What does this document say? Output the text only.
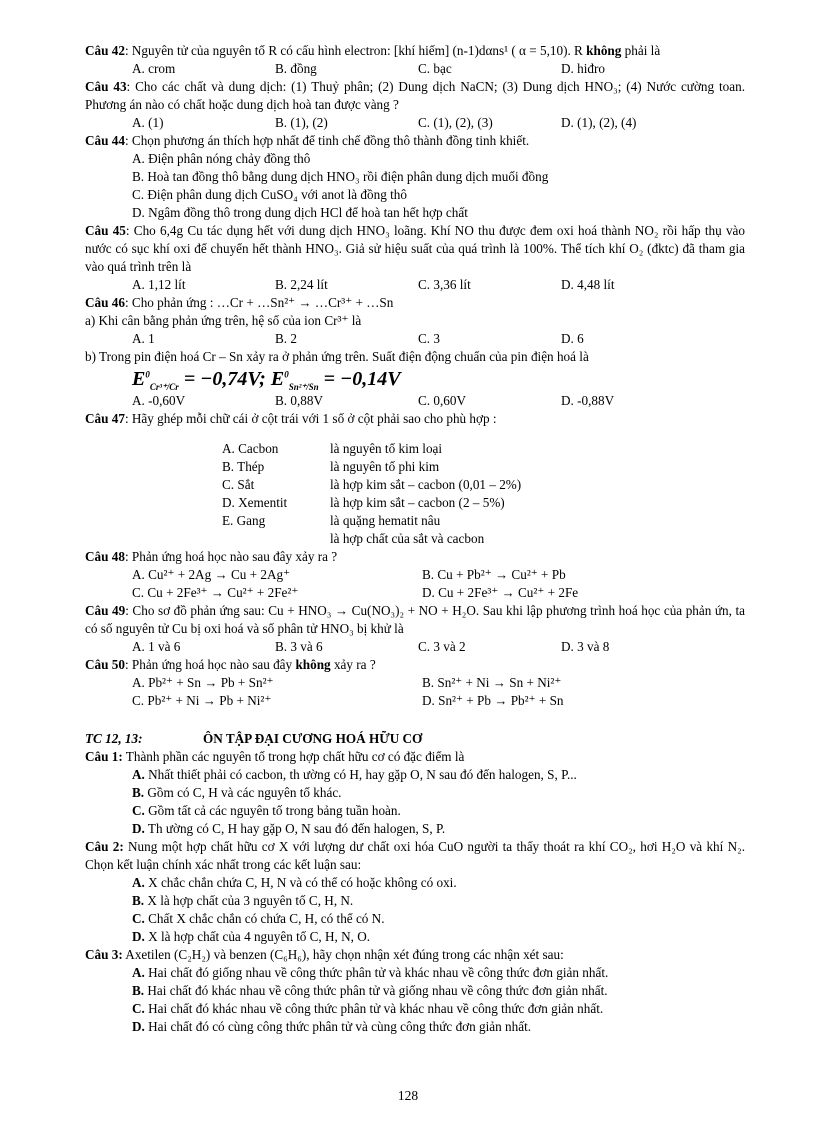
Câu 42: Nguyên tử của nguyên tố R có cấu hình electron: [khí hiếm] (n-1)dαns¹ ( α = 5,10). R không phải là

A. crom	B. đồng	C. bạc	D. hiđro

Câu 43: Cho các chất và dung dịch: (1) Thuỷ phân; (2) Dung dịch NaCN; (3) Dung dịch HNO₃; (4) Nước cường toan. Phương án nào có chất hoặc dung dịch hoà tan được vàng ?

A. (1)	B. (1), (2)	C. (1), (2), (3)	D. (1), (2), (4)

Câu 44: Chọn phương án thích hợp nhất để tinh chế đồng thô thành đồng tinh khiết.

A. Điện phân nóng chảy đồng thô
B. Hoà tan đồng thô bằng dung dịch HNO₃ rồi điện phân dung dịch muối đồng
C. Điện phân dung dịch CuSO₄ với anot là đồng thô
D. Ngâm đồng thô trong dung dịch HCl để hoà tan hết hợp chất

Câu 45: Cho 6,4g Cu tác dụng hết với dung dịch HNO₃ loãng. Khí NO thu được đem oxi hoá thành NO₂ rồi hấp thụ vào nước có sục khí oxi để chuyển hết thành HNO₃. Giả sử hiệu suất của quá trình là 100%. Thể tích khí O₂ (đktc) đã tham gia vào quá trình trên là

A. 1,12 lít	B. 2,24 lít	C. 3,36 lít	D. 4,48 lít

Câu 46: Cho phản ứng : …Cr + …Sn²⁺ → …Cr³⁺ + …Sn

a) Khi cân bằng phản ứng trên, hệ số của ion Cr³⁺ là

A. 1	B. 2	C. 3	D. 6

b) Trong pin điện hoá Cr – Sn xảy ra ở phản ứng trên. Suất điện động chuẩn của pin điện hoá là

$E^0_{Cr^{3+}/Cr} = -0,74V$; $E^0_{Sn^{2+}/Sn} = -0,14V$
A. -0,60V	B. 0,88V	C. 0,60V	D. -0,88V

Câu 47: Hãy ghép mỗi chữ cái ở cột trái với 1 số ở cột phải sao cho phù hợp :

A. Cacbon	là nguyên tố kim loại
B. Thép	là nguyên tố phi kim
C. Sắt	là hợp kim sắt – cacbon (0,01 – 2%)
D. Xementit	là hợp kim sắt – cacbon (2 – 5%)
E. Gang	là quặng hematit nâu
là hợp chất của sắt và cacbon

Câu 48: Phản ứng hoá học nào sau đây xảy ra ?

A. Cu²⁺ + 2Ag → Cu + 2Ag⁺	B. Cu + Pb²⁺ → Cu²⁺ + Pb
C. Cu + 2Fe³⁺ → Cu²⁺ + 2Fe²⁺	D. Cu + 2Fe³⁺ → Cu²⁺ + 2Fe

Câu 49: Cho sơ đồ phản ứng sau: Cu + HNO₃ → Cu(NO₃)₂ + NO + H₂O. Sau khi lập phương trình hoá học của phản ứn, ta có số nguyên tử Cu bị oxi hoá và số phân tử HNO₃ bị khử là

A. 1 và 6	B. 3 và 6	C. 3 và 2	D. 3 và 8

Câu 50: Phản ứng hoá học nào sau đây không xảy ra ?

A. Pb²⁺ + Sn → Pb + Sn²⁺	B. Sn²⁺ + Ni → Sn + Ni²⁺
C. Pb²⁺ + Ni → Pb + Ni²⁺	D. Sn²⁺ + Pb → Pb²⁺ + Sn
TC 12, 13:	ÔN TẬP ĐẠI CƯƠNG HOÁ HỮU CƠ

Câu 1: Thành phần các nguyên tố trong hợp chất hữu cơ có đặc điểm là

A. Nhất thiết phải có cacbon, th ường có H, hay gặp O, N sau đó đến halogen, S, P...
B. Gồm có C, H và các nguyên tố khác.
C. Gồm tất cả các nguyên tố trong bảng tuần hoàn.
D. Th ường có C, H hay gặp O, N sau đó đến halogen, S, P.

Câu 2: Nung một hợp chất hữu cơ X với lượng dư chất oxi hóa CuO người ta thấy thoát ra khí CO₂, hơi H₂O và khí N₂. Chọn kết luận chính xác nhất trong các kết luận sau:

A. X chắc chắn chứa C, H, N và có thể có hoặc không có oxi.
B. X là hợp chất của 3 nguyên tố C, H, N.
C. Chất X chắc chắn có chứa C, H, có thể có N.
D. X là hợp chất của 4 nguyên tố C, H, N, O.

Câu 3: Axetilen (C₂H₂) và benzen (C₆H₆), hãy chọn nhận xét đúng trong các nhận xét sau:

A. Hai chất đó giống nhau về công thức phân tử và khác nhau về công thức đơn giản nhất.
B. Hai chất đó khác nhau về công thức phân tử và giống nhau về công thức đơn giản nhất.
C. Hai chất đó khác nhau về công thức phân tử và khác nhau về công thức đơn giản nhất.
D. Hai chất đó có cùng công thức phân tử và cùng công thức đơn giản nhất.
128
